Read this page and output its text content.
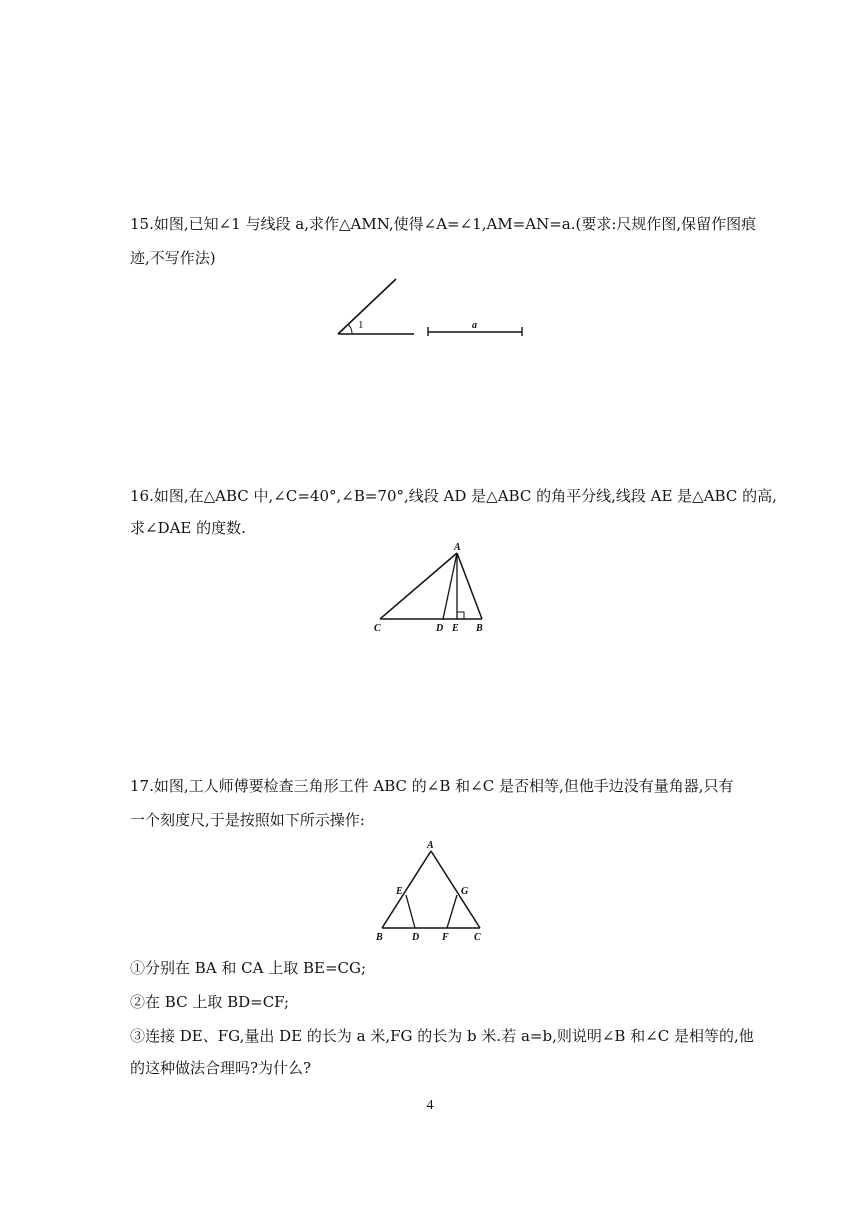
15.如图,已知∠1 与线段 a,求作△AMN,使得∠A=∠1,AM=AN=a.(要求:尺规作图,保留作图痕
迹,不写作法)
1	a
16.如图,在△ABC 中,∠C=40°,∠B=70°,线段 AD 是△ABC 的角平分线,线段 AE 是△ABC 的高,
求∠DAE 的度数.
A
C	D E B
17.如图,工人师傅要检查三角形工件 ABC 的∠B 和∠C 是否相等,但他手边没有量角器,只有
一个刻度尺,于是按照如下所示操作:
A
E	G
B	D F	C
①分别在 BA 和 CA 上取 BE=CG;
②在 BC 上取 BD=CF;
③连接 DE、FG,量出 DE 的长为 a 米,FG 的长为 b 米.若 a=b,则说明∠B 和∠C 是相等的,他
的这种做法合理吗?为什么?
4
